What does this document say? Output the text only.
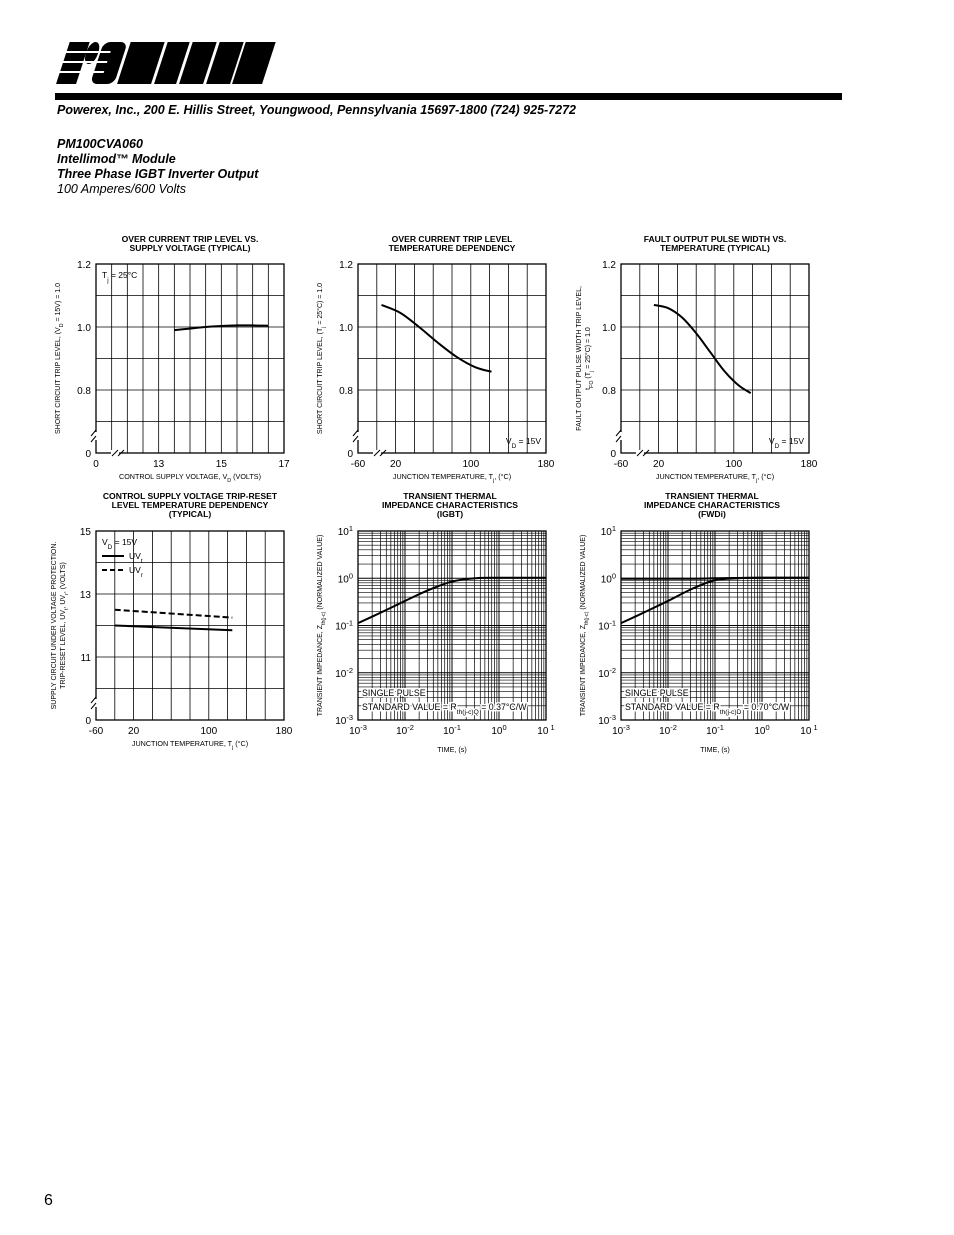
Powerex, Inc., 200 E. Hillis Street, Youngwood, Pennsylvania 15697-1800 (724) 925-7272
PM100CVA060
Intellimod™ Module
Three Phase IGBT Inverter Output
100 Amperes/600 Volts
6
OVER CURRENT TRIP LEVEL VS.
SUPPLY VOLTAGE (TYPICAL)
0	13	15	17
0
0.8
1.0
1.2
CONTROL SUPPLY VOLTAGE, $V_D$ (VOLTS)
SHORT CIRCUIT TRIP LEVEL, $(V_D = 15V) = 1.0$
$T_j = 25^\circ C$
OVER CURRENT TRIP LEVEL
TEMPERATURE DEPENDENCY
-60 20	100	180
0
0.8
1.0
1.2
JUNCTION TEMPERATURE, $T_j$, (°C)
SHORT CIRCUIT TRIP LEVEL, $(T_j = 25^\circ C) = 1.0$
$V_D = 15V$
FAULT OUTPUT PULSE WIDTH VS.
TEMPERATURE (TYPICAL)
-60 20	100	180
0
0.8
1.0
1.2
JUNCTION TEMPERATURE, $T_j$, (°C)
FAULT OUTPUT PULSE WIDTH TRIP LEVEL, $t_{FO}$ $(T_j = 25^\circ C) = 1.0$
$V_D = 15V$
CONTROL SUPPLY VOLTAGE TRIP-RESET
LEVEL TEMPERATURE DEPENDENCY
(TYPICAL)
-60 20	100	180
0
11
13
15
JUNCTION TEMPERATURE, $T_j$ (°C)
SUPPLY CIRCUIT UNDER VOLTAGE PROTECTION. TRIP-RESET LEVEL, $UV_t$, $UV_r$, (VOLTS)
$V_D = 15V$
$UV_t$
$UV_r$
TRANSIENT THERMAL
IMPEDANCE CHARACTERISTICS
(IGBT)
$10^{-3}$	$10^{-2}$	$10^{-1}$	$10^0$	10 $^1$
$10^{-3}$
$10^{-2}$
$10^{-1}$
$10^0$
$10^1$
TIME, (s)
TRANSIENT IMPEDANCE, $Z_{th(j-c)}$ (NORMALIZED VALUE)
SINGLE PULSE
STANDARD VALUE = $R_{th(j-c)Q} = 0.37^\circ C/W$
TRANSIENT THERMAL
IMPEDANCE CHARACTERISTICS
(FWDi)
$10^{-3}$	$10^{-2}$	$10^{-1}$	$10^0$	10 $^1$
$10^{-3}$
$10^{-2}$
$10^{-1}$
$10^0$
$10^1$
TIME, (s)
TRANSIENT IMPEDANCE, $Z_{th(j-c)}$ (NORMALIZED VALUE)
SINGLE PULSE
STANDARD VALUE = $R_{th(j-c)D} = 0.70^\circ C/W$
